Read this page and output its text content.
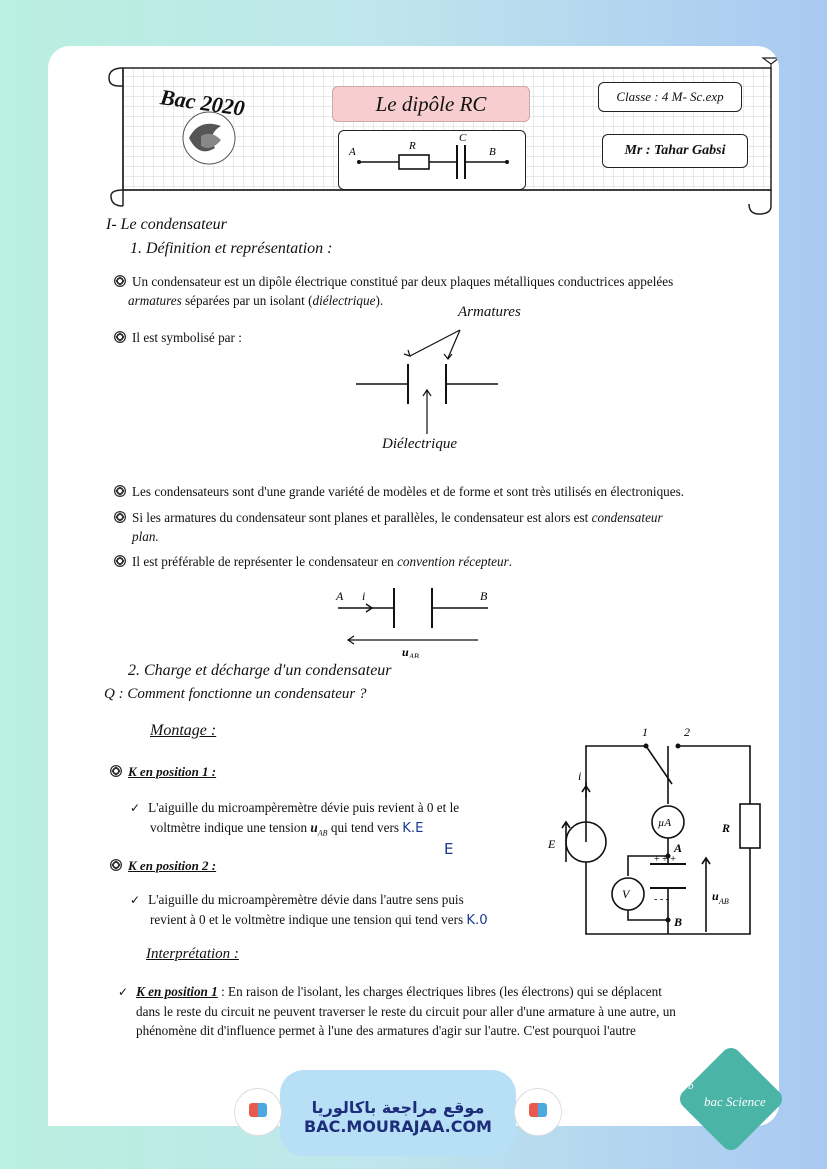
Bac 2020	Le dipôle RC
A	R
C
B
Classe : 4 M- Sc.exp
Mr : Tahar Gabsi
I- Le condensateur
1. Définition et représentation :
Un condensateur est un dipôle électrique constitué par deux plaques métalliques conductrices appelées
armatures séparées par un isolant (diélectrique).
Il est symbolisé par :
Armatures
Diélectrique
Les condensateurs sont d'une grande variété de modèles et de forme et sont très utilisés en électroniques.
Si les armatures du condensateur sont planes et parallèles, le condensateur est alors est condensateur
plan.
Il est préférable de représenter le condensateur en convention récepteur.
A i	B
u AB
2. Charge et décharge d'un condensateur
Q : Comment fonctionne un condensateur ?
Montage :
K en position 1 :
✓ L'aiguille du microampèremètre dévie puis revient à 0 et le
voltmètre indique une tension $u_{AB}$ qui tend vers K.E
E
K en position 2 :
✓ L'aiguille du microampèremètre dévie dans l'autre sens puis
revient à 0 et le voltmètre indique une tension qui tend vers K.0
Interprétation :
✓ K en position 1 : En raison de l'isolant, les charges électriques libres (les électrons) qui se déplacent
dans le reste du circuit ne peuvent traverser le reste du circuit pour aller d'une armature à une autre, un
phénomène dit d'influence permet à l'une des armatures d'agir sur l'autre. C'est pourquoi l'autre
1	2
i
E
µA	R
A
B
V
+ + +
- - -	u AB
موقع مراجعة باكالوريا
BAC.MOURAJAA.COM
b
bac Science
